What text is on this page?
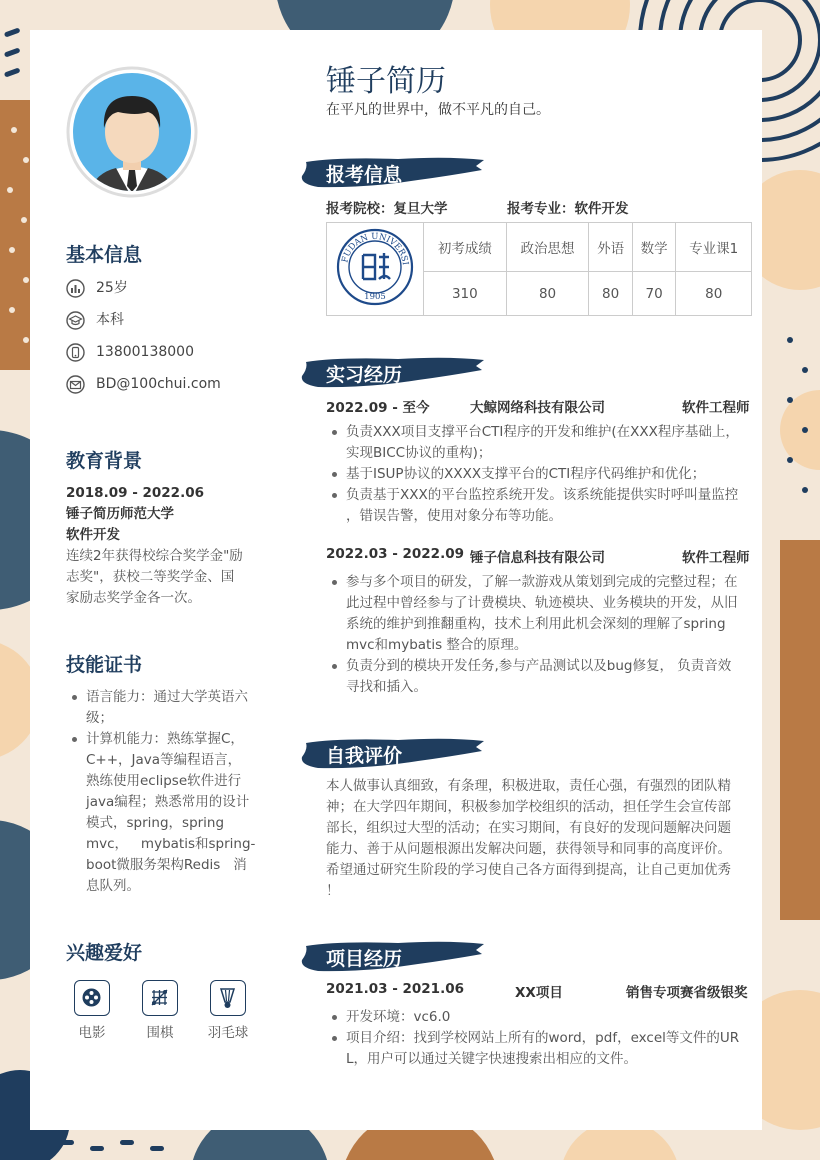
锤子简历
在平凡的世界中，做不平凡的自己。
基本信息
25岁
本科
13800138000
BD@100chui.com
教育背景
2018.09 - 2022.06
锤子简历师范大学
软件开发
连续2年获得校综合奖学金"励
志奖"，获校二等奖学金、国
家励志奖学金各一次。
技能证书
语言能力：通过大学英语六
级；
计算机能力：熟练掌握C，
C++，Java等编程语言，
熟练使用eclipse软件进行
java编程；熟悉常用的设计
模式，spring，spring
mvc，   mybatis和spring-
boot微服务架构Redis   消
息队列。
兴趣爱好
电影	围棋	羽毛球
报考信息
报考院校：复旦大学	报考专业：软件开发
FUDAN UNIVERSI
1905	初考成绩	政治思想	外语	数学	专业课1
	310	80	80	70	80
实习经历
2022.09 - 至今	大鲸网络科技有限公司	软件工程师
负责XXX项目支撑平台CTI程序的开发和维护(在XXX程序基础上，
实现BICC协议的重构)；
基于ISUP协议的XXXX支撑平台的CTI程序代码维护和优化；
负责基于XXX的平台监控系统开发。该系统能提供实时呼叫量监控
，错误告警，使用对象分布等功能。
2022.03 - 2022.09 锤子信息科技有限公司	软件工程师
参与多个项目的研发，了解一款游戏从策划到完成的完整过程；在
此过程中曾经参与了计费模块、轨迹模块、业务模块的开发，从旧
系统的维护到推翻重构，技术上利用此机会深刻的理解了spring
mvc和mybatis 整合的原理。
负责分到的模块开发任务,参与产品测试以及bug修复， 负责音效
寻找和插入。
自我评价
本人做事认真细致，有条理，积极进取，责任心强，有强烈的团队精
神；在大学四年期间，积极参加学校组织的活动，担任学生会宣传部
部长，组织过大型的活动；在实习期间，有良好的发现问题解决问题
能力、善于从问题根源出发解决问题，获得领导和同事的高度评价。
希望通过研究生阶段的学习使自己各方面得到提高，让自己更加优秀
！
项目经历
2021.03 - 2021.06	XX项目	销售专项赛省级银奖
开发环境：vc6.0
项目介绍：找到学校网站上所有的word，pdf，excel等文件的UR
L，用户可以通过关键字快速搜索出相应的文件。
